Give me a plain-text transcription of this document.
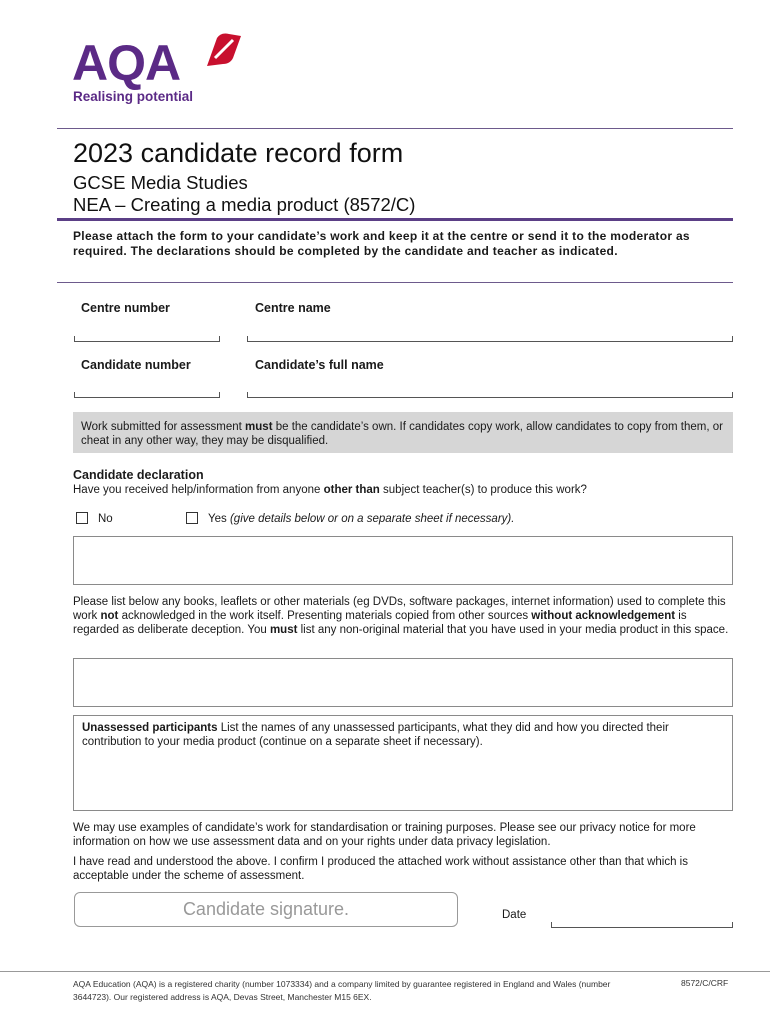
AQA
Realising potential
2023 candidate record form
GCSE Media Studies
NEA – Creating a media product (8572/C)
Please attach the form to your candidate’s work and keep it at the centre or send it to the moderator as required. The declarations should be completed by the candidate and teacher as indicated.
Centre number	Centre name
Candidate number	Candidate’s full name
Work submitted for assessment must be the candidate’s own. If candidates copy work, allow candidates to copy from them, or cheat in any other way, they may be disqualified.
Candidate declaration
Have you received help/information from anyone other than subject teacher(s) to produce this work?
No	Yes (give details below or on a separate sheet if necessary).
Please list below any books, leaflets or other materials (eg DVDs, software packages, internet information) used to complete this work not acknowledged in the work itself. Presenting materials copied from other sources without acknowledgement is regarded as deliberate deception. You must list any non-original material that you have used in your media product in this space.
Unassessed participants List the names of any unassessed participants, what they did and how you directed their contribution to your media product (continue on a separate sheet if necessary).
We may use examples of candidate’s work for standardisation or training purposes. Please see our privacy notice for more information on how we use assessment data and on your rights under data privacy legislation.
I have read and understood the above. I confirm I produced the attached work without assistance other than that which is acceptable under the scheme of assessment.
Candidate signature.	Date
AQA Education (AQA) is a registered charity (number 1073334) and a company limited by guarantee registered in England and Wales (number 3644723). Our registered address is AQA, Devas Street, Manchester M15 6EX.
8572/C/CRF
